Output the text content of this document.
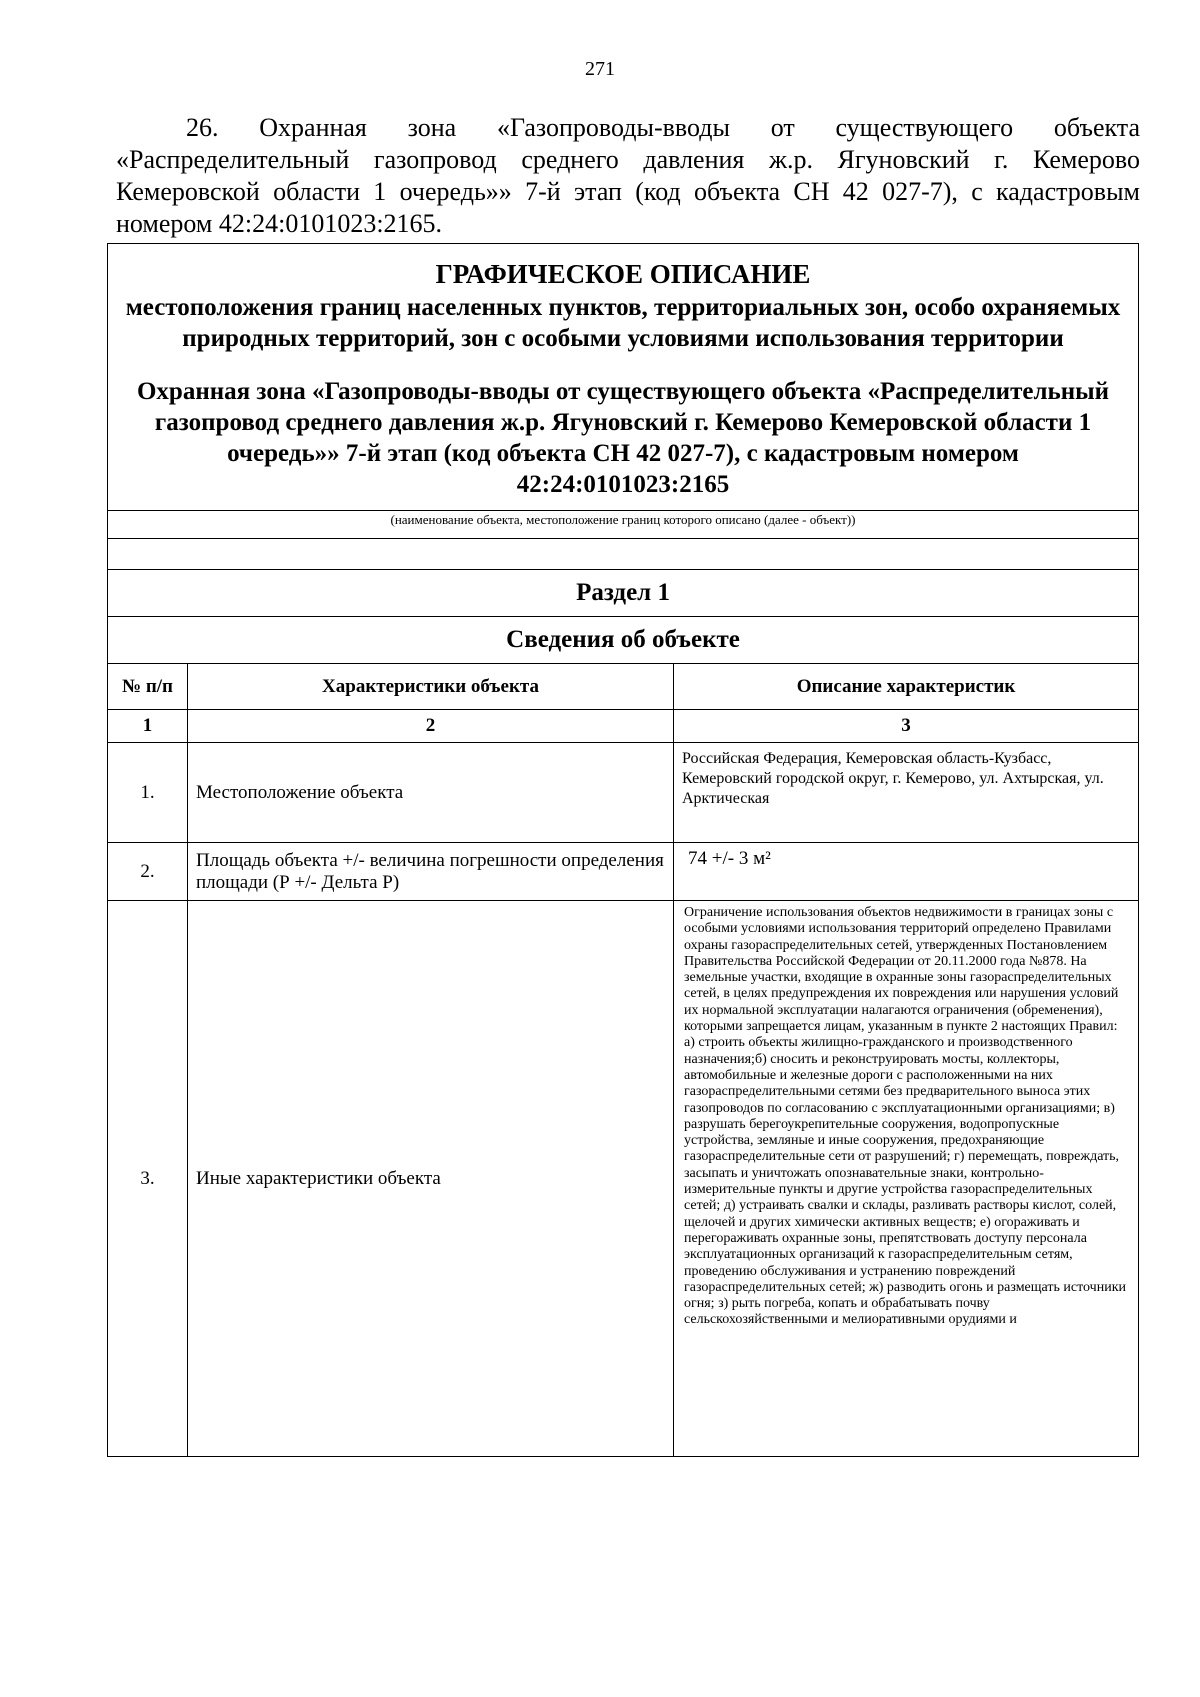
271
26. Охранная зона «Газопроводы-вводы от существующего объекта «Распределительный газопровод среднего давления ж.р. Ягуновский г. Кемерово Кемеровской области 1 очередь»» 7-й этап (код объекта СН 42 027-7), с кадастровым номером 42:24:0101023:2165.
ГРАФИЧЕСКОЕ ОПИСАНИЕ
местоположения границ населенных пунктов, территориальных зон, особо охраняемых природных территорий, зон с особыми условиями использования территории
Охранная зона «Газопроводы-вводы от существующего объекта «Распределительный газопровод среднего давления ж.р. Ягуновский г. Кемерово Кемеровской области 1 очередь»» 7-й этап (код объекта СН 42 027-7), с кадастровым номером 42:24:0101023:2165		

(наименование объекта, местоположение границ которого описано (далее - объект))		

Раздел 1		
Сведения об объекте		
№ п/п	Характеристики объекта	Описание характеристик
1	2	3
1.	Местоположение объекта	Российская Федерация, Кемеровская область-Кузбасс, Кемеровский городской округ, г. Кемерово, ул. Ахтырская, ул. Арктическая
2.	Площадь объекта +/- величина погрешности определения площади (Р +/- Дельта Р)	74 +/- 3 м²
3.	Иные характеристики объекта	Ограничение использования объектов недвижимости в границах зоны с особыми условиями использования территорий определено Правилами охраны газораспределительных сетей, утвержденных Постановлением Правительства Российской Федерации от 20.11.2000 года №878. На земельные участки, входящие в охранные зоны газораспределительных сетей, в целях предупреждения их повреждения или нарушения условий их нормальной эксплуатации налагаются ограничения (обременения), которыми запрещается лицам, указанным в пункте 2 настоящих Правил: а) строить объекты жилищно-гражданского и производственного назначения;б) сносить и реконструировать мосты, коллекторы, автомобильные и железные дороги с расположенными на них газораспределительными сетями без предварительного выноса этих газопроводов по согласованию с эксплуатационными организациями; в) разрушать берегоукрепительные сооружения, водопропускные устройства, земляные и иные сооружения, предохраняющие газораспределительные сети от разрушений; г) перемещать, повреждать, засыпать и уничтожать опознавательные знаки, контрольно-измерительные пункты и другие устройства газораспределительных сетей; д) устраивать свалки и склады, разливать растворы кислот, солей, щелочей и других химически активных веществ; е) огораживать и перегораживать охранные зоны, препятствовать доступу персонала эксплуатационных организаций к газораспределительным сетям, проведению обслуживания и устранению повреждений газораспределительных сетей; ж) разводить огонь и размещать источники огня; з) рыть погреба, копать и обрабатывать почву сельскохозяйственными и мелиоративными орудиями и
